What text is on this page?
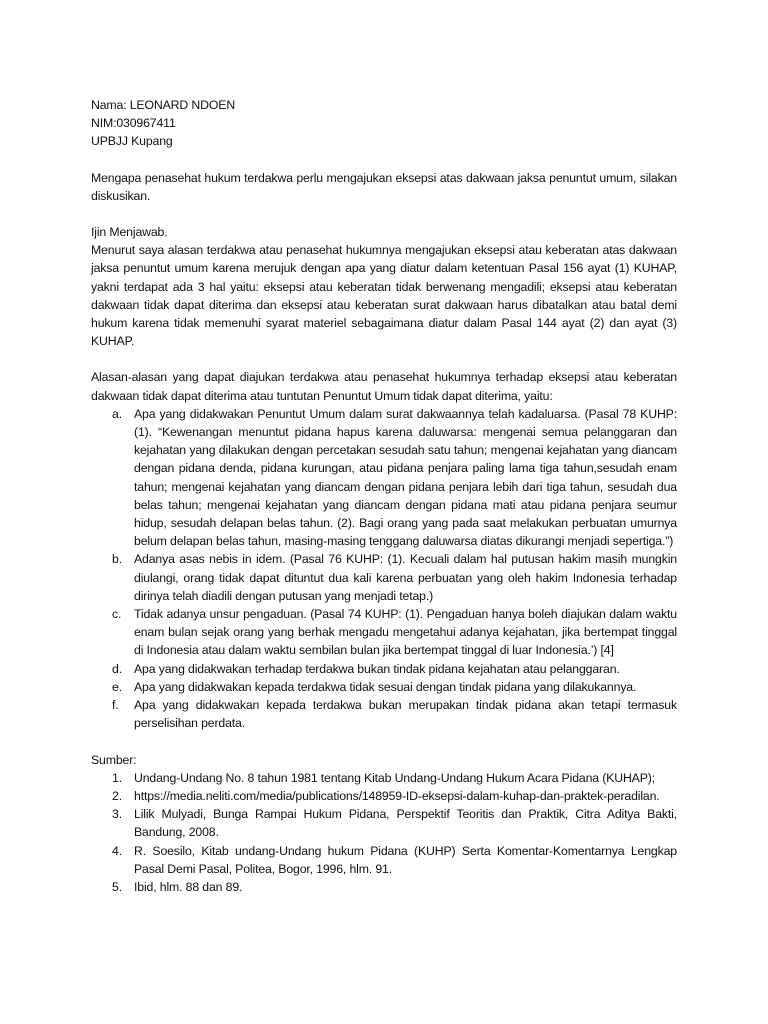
Nama: LEONARD NDOEN

NIM:030967411

UPBJJ Kupang

Mengapa penasehat hukum terdakwa perlu mengajukan eksepsi atas dakwaan jaksa penuntut umum, silakan diskusikan.

Ijin Menjawab.

Menurut saya alasan terdakwa atau penasehat hukumnya mengajukan eksepsi atau keberatan atas dakwaan jaksa penuntut umum karena merujuk dengan apa yang diatur dalam ketentuan Pasal 156 ayat (1) KUHAP, yakni terdapat ada 3 hal yaitu: eksepsi atau keberatan tidak berwenang mengadili; eksepsi atau keberatan dakwaan tidak dapat diterima dan eksepsi atau keberatan surat dakwaan harus dibatalkan atau batal demi hukum karena tidak memenuhi syarat materiel sebagaimana diatur dalam Pasal 144 ayat (2) dan ayat (3) KUHAP.

Alasan-alasan yang dapat diajukan terdakwa atau penasehat hukumnya terhadap eksepsi atau keberatan dakwaan tidak dapat diterima atau tuntutan Penuntut Umum tidak dapat diterima, yaitu:

a. Apa yang didakwakan Penuntut Umum dalam surat dakwaannya telah kadaluarsa. (Pasal 78 KUHP: (1). “Kewenangan menuntut pidana hapus karena daluwarsa: mengenai semua pelanggaran dan kejahatan yang dilakukan dengan percetakan sesudah satu tahun; mengenai kejahatan yang diancam dengan pidana denda, pidana kurungan, atau pidana penjara paling lama tiga tahun,sesudah enam tahun; mengenai kejahatan yang diancam dengan pidana penjara lebih dari tiga tahun, sesudah dua belas tahun; mengenai kejahatan yang diancam dengan pidana mati atau pidana penjara seumur hidup, sesudah delapan belas tahun. (2). Bagi orang yang pada saat melakukan perbuatan umurnya belum delapan belas tahun, masing-masing tenggang daluwarsa diatas dikurangi menjadi sepertiga.”)
b. Adanya asas nebis in idem. (Pasal 76 KUHP: (1). Kecuali dalam hal putusan hakim masih mungkin diulangi, orang tidak dapat dituntut dua kali karena perbuatan yang oleh hakim Indonesia terhadap dirinya telah diadili dengan putusan yang menjadi tetap.)
c. Tidak adanya unsur pengaduan. (Pasal 74 KUHP: (1). Pengaduan hanya boleh diajukan dalam waktu enam bulan sejak orang yang berhak mengadu mengetahui adanya kejahatan, jika bertempat tinggal di Indonesia atau dalam waktu sembilan bulan jika bertempat tinggal di luar Indonesia.’) [4]
d. Apa yang didakwakan terhadap terdakwa bukan tindak pidana kejahatan atau pelanggaran.
e. Apa yang didakwakan kepada terdakwa tidak sesuai dengan tindak pidana yang dilakukannya.
f. Apa yang didakwakan kepada terdakwa bukan merupakan tindak pidana akan tetapi termasuk perselisihan perdata.

Sumber:

1. Undang-Undang No. 8 tahun 1981 tentang Kitab Undang-Undang Hukum Acara Pidana (KUHAP);
2. https://media.neliti.com/media/publications/148959-ID-eksepsi-dalam-kuhap-dan-praktek-peradilan.
3. Lilik Mulyadi, Bunga Rampai Hukum Pidana, Perspektif Teoritis dan Praktik, Citra Aditya Bakti, Bandung, 2008.
4. R. Soesilo, Kitab undang-Undang hukum Pidana (KUHP) Serta Komentar-Komentarnya Lengkap Pasal Demi Pasal, Politea, Bogor, 1996, hlm. 91.
5. Ibid, hlm. 88 dan 89.
